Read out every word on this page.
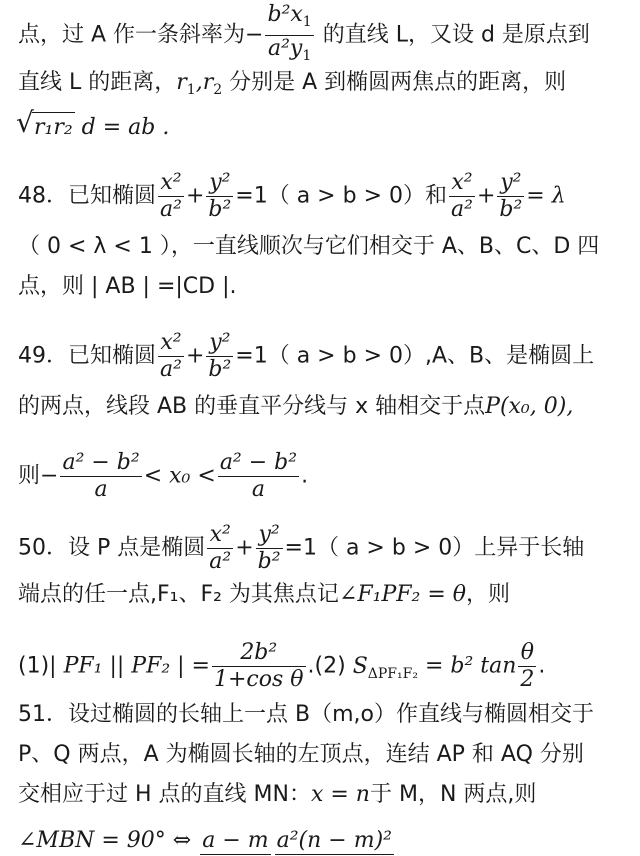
点，过 A 作一条斜率为− $\frac{b^2x_1}{a^2y_1}$ 的直线 L，又设 d 是原点到
直线 L 的距离，$r_1,r_2$ 分别是 A 到椭圆两焦点的距离，则
√ r₁r₂ d = ab .
48．已知椭圆 $\frac{\text{x²}}{\text{a²}} + \frac{\text{y²}}{\text{b²}} =1$（ a > b > 0）和 $\frac{\text{x²}}{\text{a²}} + \frac{\text{y²}}{\text{b²}} = \lambda$
（ 0 < λ < 1 ），一直线顺次与它们相交于 A、B、C、D 四
点，则 | AB | =|CD |.
49．已知椭圆 $\frac{\text{x²}}{\text{a²}} + \frac{\text{y²}}{\text{b²}} =1$（ a > b > 0）,A、B、是椭圆上
的两点，线段 AB 的垂直平分线与 x 轴相交于点P(x₀, 0),
则− $\frac{\text{a² − b²}}{a} < x_0 < \frac{\text{a² − b²}}{a}$ .
50．设 P 点是椭圆 $\frac{\text{x²}}{\text{a²}} + \frac{\text{y²}}{\text{b²}} =1$（ a > b > 0）上异于长轴
端点的任一点,F₁、F₂ 为其焦点记∠F₁PF₂ = θ，则
(1)| PF₁ || PF₂ | = $\frac{\text{2b²}}{\text{1+cos θ}} .(2) S_{\Delta PF_1F_2} = b^2$ $\tan \frac{\theta}{2}$ .
51．设过椭圆的长轴上一点 B（m,o）作直线与椭圆相交于
P、Q 两点，A 为椭圆长轴的左顶点，连结 AP 和 AQ 分别
交相应于过 H 点的直线 MN：x = n于 M，N 两点,则
∠MBN = 90° ⇔ a − m a²(n − m)²
